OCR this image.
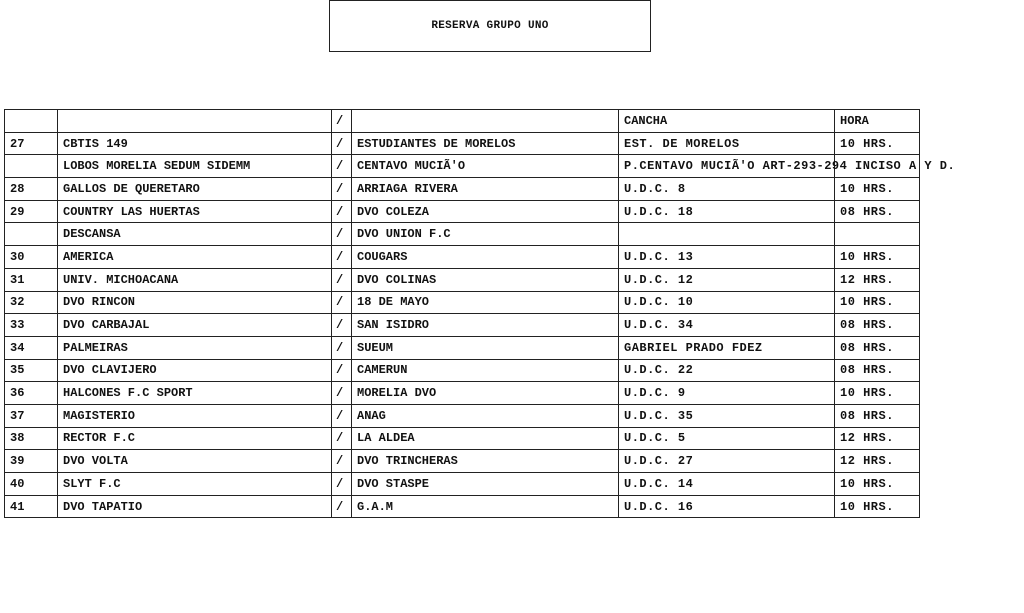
RESERVA GRUPO UNO
		/		CANCHA	HORA
27	CBTIS 149	/	ESTUDIANTES DE MORELOS	EST. DE MORELOS	10 HRS.
	LOBOS MORELIA SEDUM SIDEMM	/	CENTAVO MUCIÃ'O	P.CENTAVO MUCIÃ'O ART-293-294 INCISO A Y D.	
28	GALLOS DE QUERETARO	/	ARRIAGA RIVERA	U.D.C. 8	10 HRS.
29	COUNTRY LAS HUERTAS	/	DVO COLEZA	U.D.C. 18	08 HRS.
	DESCANSA	/	DVO UNION F.C		
30	AMERICA	/	COUGARS	U.D.C. 13	10 HRS.
31	UNIV. MICHOACANA	/	DVO COLINAS	U.D.C. 12	12 HRS.
32	DVO RINCON	/	18 DE MAYO	U.D.C. 10	10 HRS.
33	DVO CARBAJAL	/	SAN ISIDRO	U.D.C. 34	08 HRS.
34	PALMEIRAS	/	SUEUM	GABRIEL PRADO FDEZ	08 HRS.
35	DVO CLAVIJERO	/	CAMERUN	U.D.C. 22	08 HRS.
36	HALCONES F.C SPORT	/	MORELIA DVO	U.D.C. 9	10 HRS.
37	MAGISTERIO	/	ANAG	U.D.C. 35	08 HRS.
38	RECTOR F.C	/	LA ALDEA	U.D.C. 5	12 HRS.
39	DVO VOLTA	/	DVO TRINCHERAS	U.D.C. 27	12 HRS.
40	SLYT F.C	/	DVO STASPE	U.D.C. 14	10 HRS.
41	DVO TAPATIO	/	G.A.M	U.D.C. 16	10 HRS.
